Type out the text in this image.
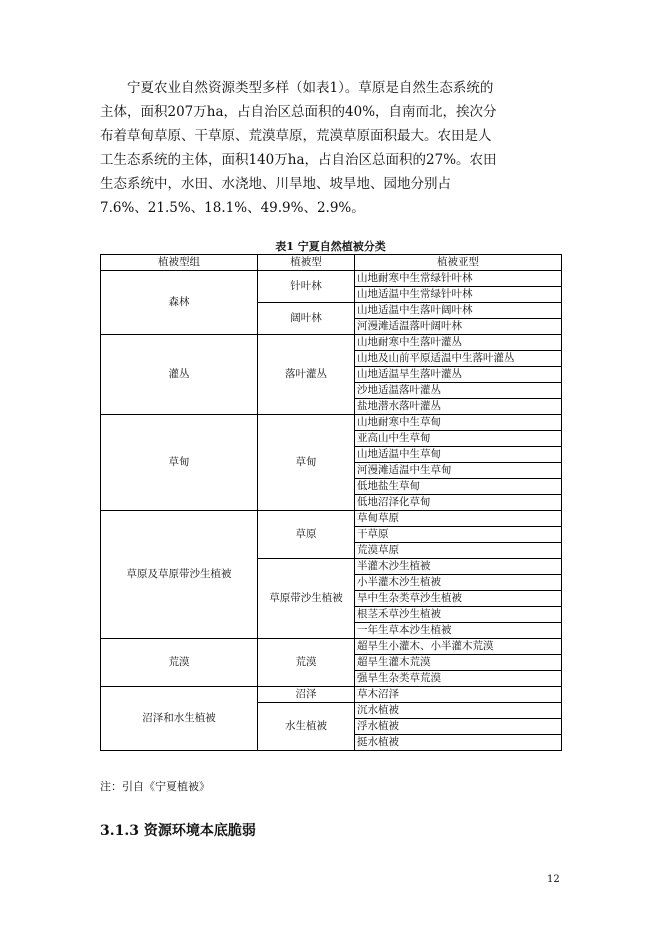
　　宁夏农业自然资源类型多样（如表1）。草原是自然生态系统的
主体，面积207万ha，占自治区总面积的40%，自南而北，挨次分
布着草甸草原、干草原、荒漠草原，荒漠草原面积最大。农田是人
工生态系统的主体，面积140万ha，占自治区总面积的27%。农田
生态系统中，水田、水浇地、川旱地、坡旱地、园地分别占
7.6%、21.5%、18.1%、49.9%、2.9%。
表1 宁夏自然植被分类
植被型组	植被型	植被亚型
森林	针叶林	山地耐寒中生常绿针叶林
		山地适温中生常绿针叶林
	阔叶林	山地适温中生落叶阔叶林
		河漫滩适温落叶阔叶林
灌丛	落叶灌丛	山地耐寒中生落叶灌丛
		山地及山前平原适温中生落叶灌丛
		山地适温旱生落叶灌丛
		沙地适温落叶灌丛
		盐地潜水落叶灌丛
草甸	草甸	山地耐寒中生草甸
		亚高山中生草甸
		山地适温中生草甸
		河漫滩适温中生草甸
		低地盐生草甸
		低地沼泽化草甸
草原及草原带沙生植被	草原	草甸草原
		干草原
		荒漠草原
	草原带沙生植被	半灌木沙生植被
		小半灌木沙生植被
		旱中生杂类草沙生植被
		根茎禾草沙生植被
		一年生草本沙生植被
荒漠	荒漠	超旱生小灌木、小半灌木荒漠
		超旱生灌木荒漠
		强旱生杂类草荒漠
沼泽和水生植被	沼泽	草木沼泽
	水生植被	沉水植被
		浮水植被
		挺水植被
注：引自《宁夏植被》
3.1.3 资源环境本底脆弱
12
